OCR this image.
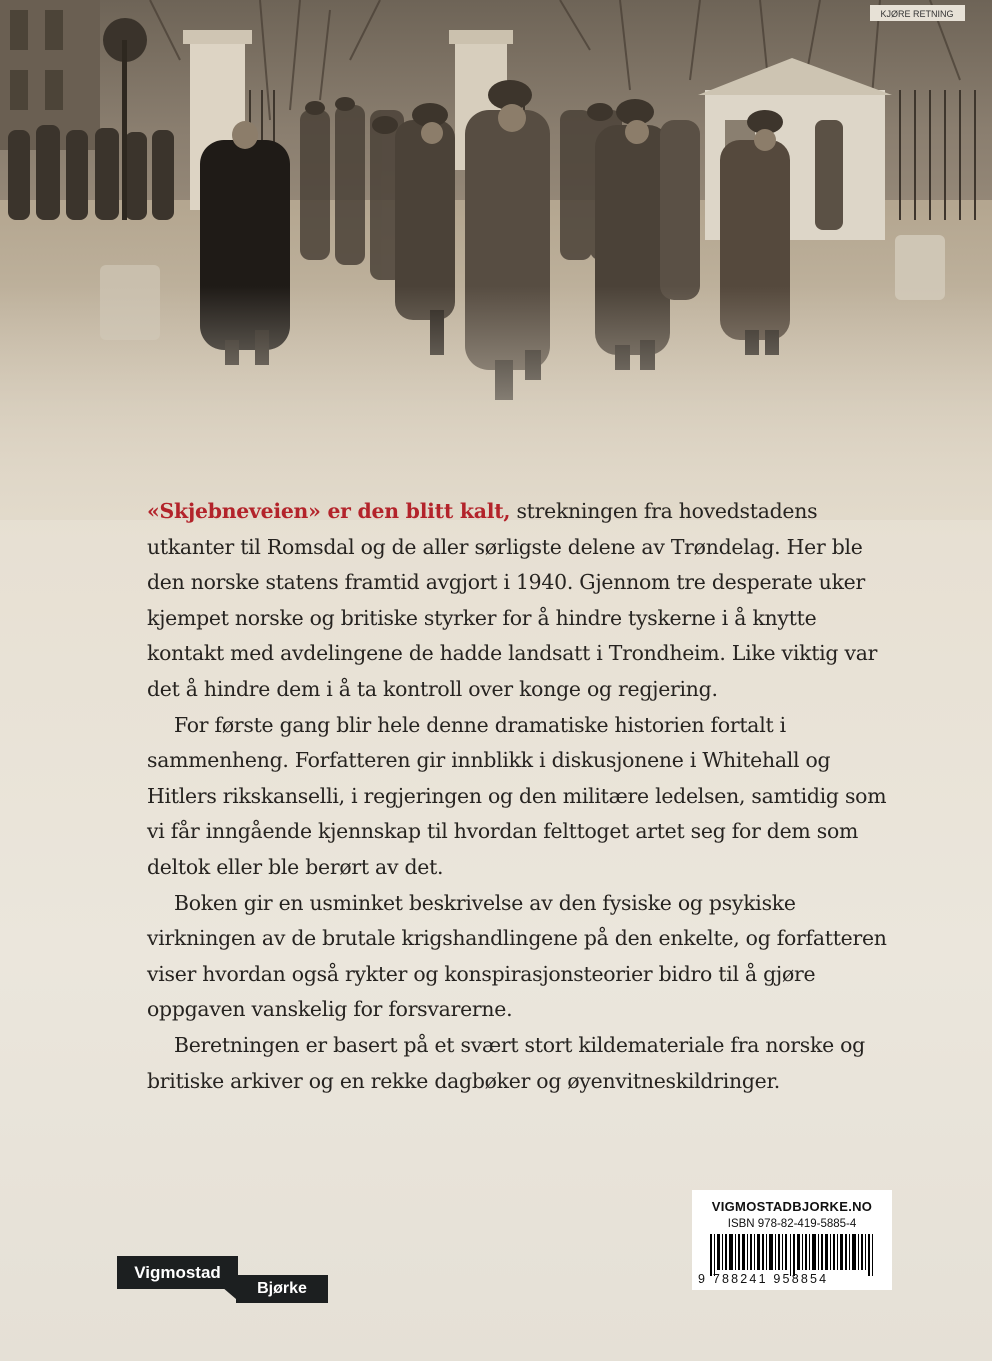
«Skjebneveien» er den blitt kalt, strekningen fra hovedstadens utkanter til Romsdal og de aller sørligste delene av Trøndelag. Her ble den norske statens framtid avgjort i 1940. Gjennom tre desperate uker kjempet norske og britiske styrker for å hindre tyskerne i å knytte kontakt med avdelingene de hadde landsatt i Trondheim. Like viktig var det å hindre dem i å ta kontroll over konge og regjering.

For første gang blir hele denne dramatiske historien fortalt i sammenheng. Forfatteren gir innblikk i diskusjonene i Whitehall og Hitlers rikskanselli, i regjeringen og den militære ledelsen, samtidig som vi får inngående kjennskap til hvordan felttoget artet seg for dem som deltok eller ble berørt av det.

Boken gir en usminket beskrivelse av den fysiske og psykiske virkningen av de brutale krigshandlingene på den enkelte, og forfatteren viser hvordan også rykter og konspirasjonsteorier bidro til å gjøre oppgaven vanskelig for forsvarerne.

Beretningen er basert på et svært stort kildemateriale fra norske og britiske arkiver og en rekke dagbøker og øyenvitneskildringer.

Vigmostad
Bjørke
VIGMOSTADBJORKE.NO
ISBN 978-82-419-5885-4
9 788241 958854
